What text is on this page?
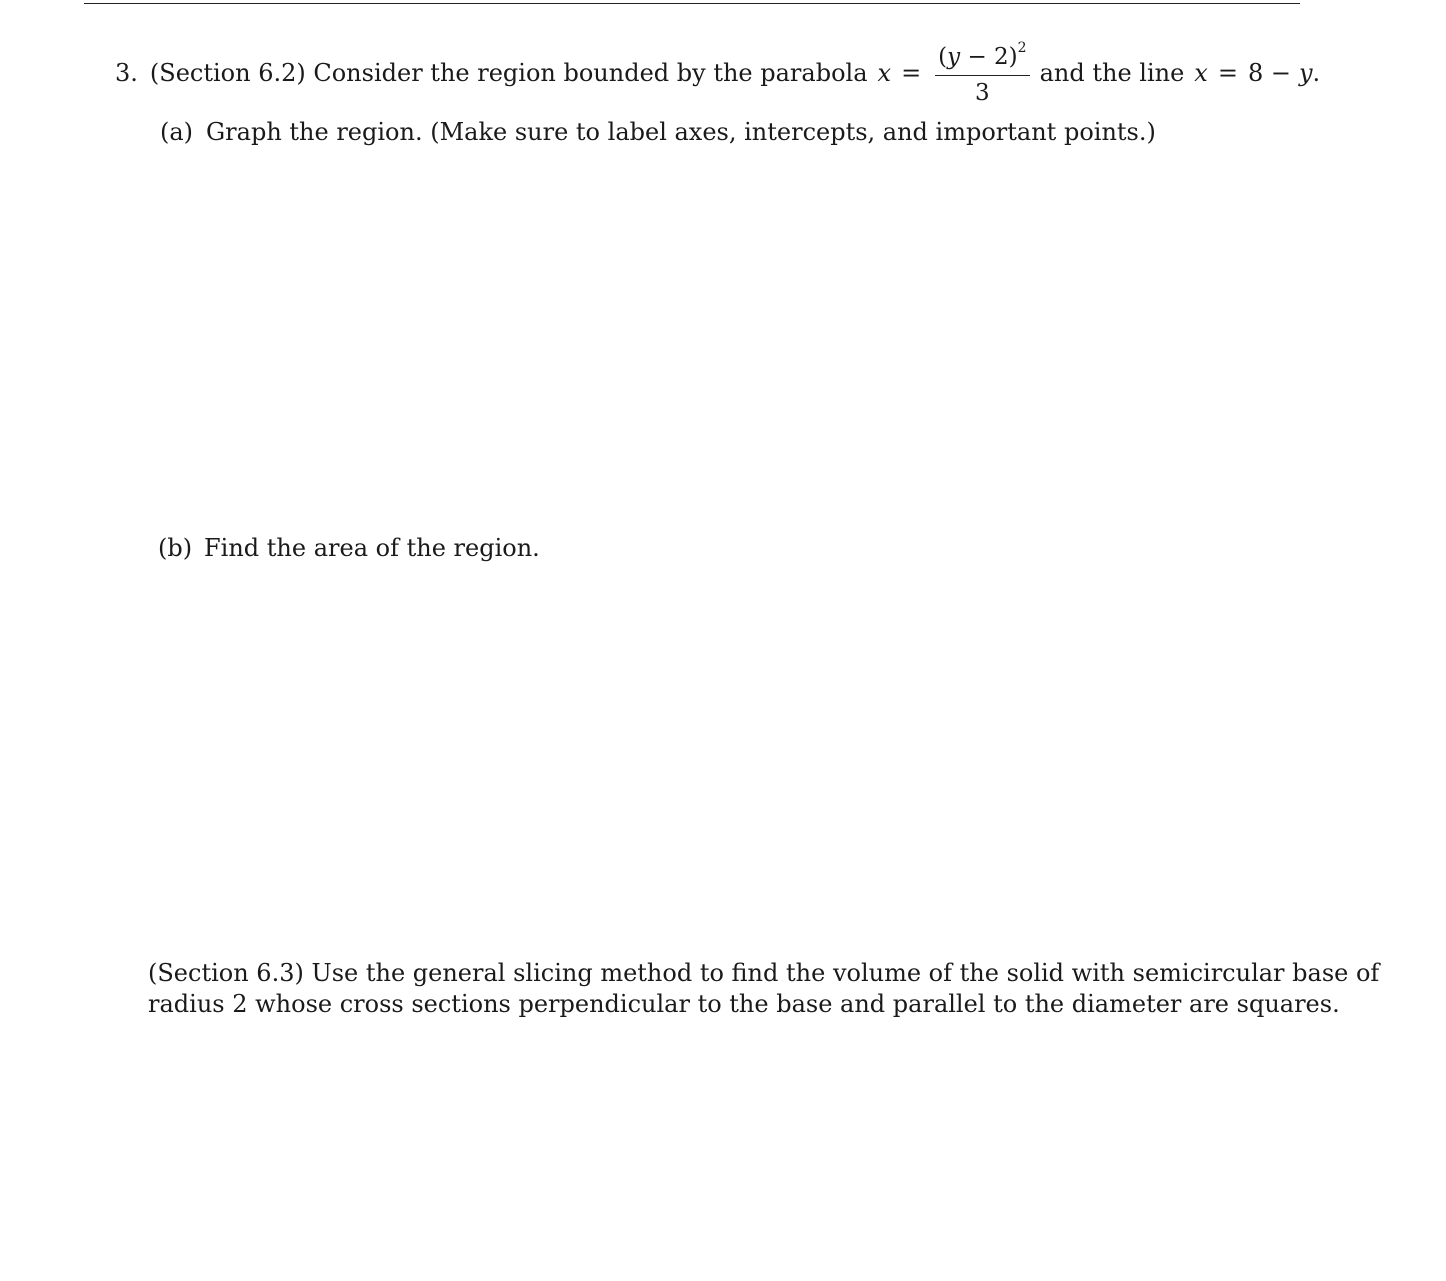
3. (Section 6.2) Consider the region bounded by the parabola $x = \frac{(y - 2)^2}{3}$ and the line x = 8 − y .
(a) Graph the region. (Make sure to label axes, intercepts, and important points.)
(b) Find the area of the region.
(Section 6.3) Use the general slicing method to find the volume of the solid with semicircular base of
radius 2 whose cross sections perpendicular to the base and parallel to the diameter are squares.
